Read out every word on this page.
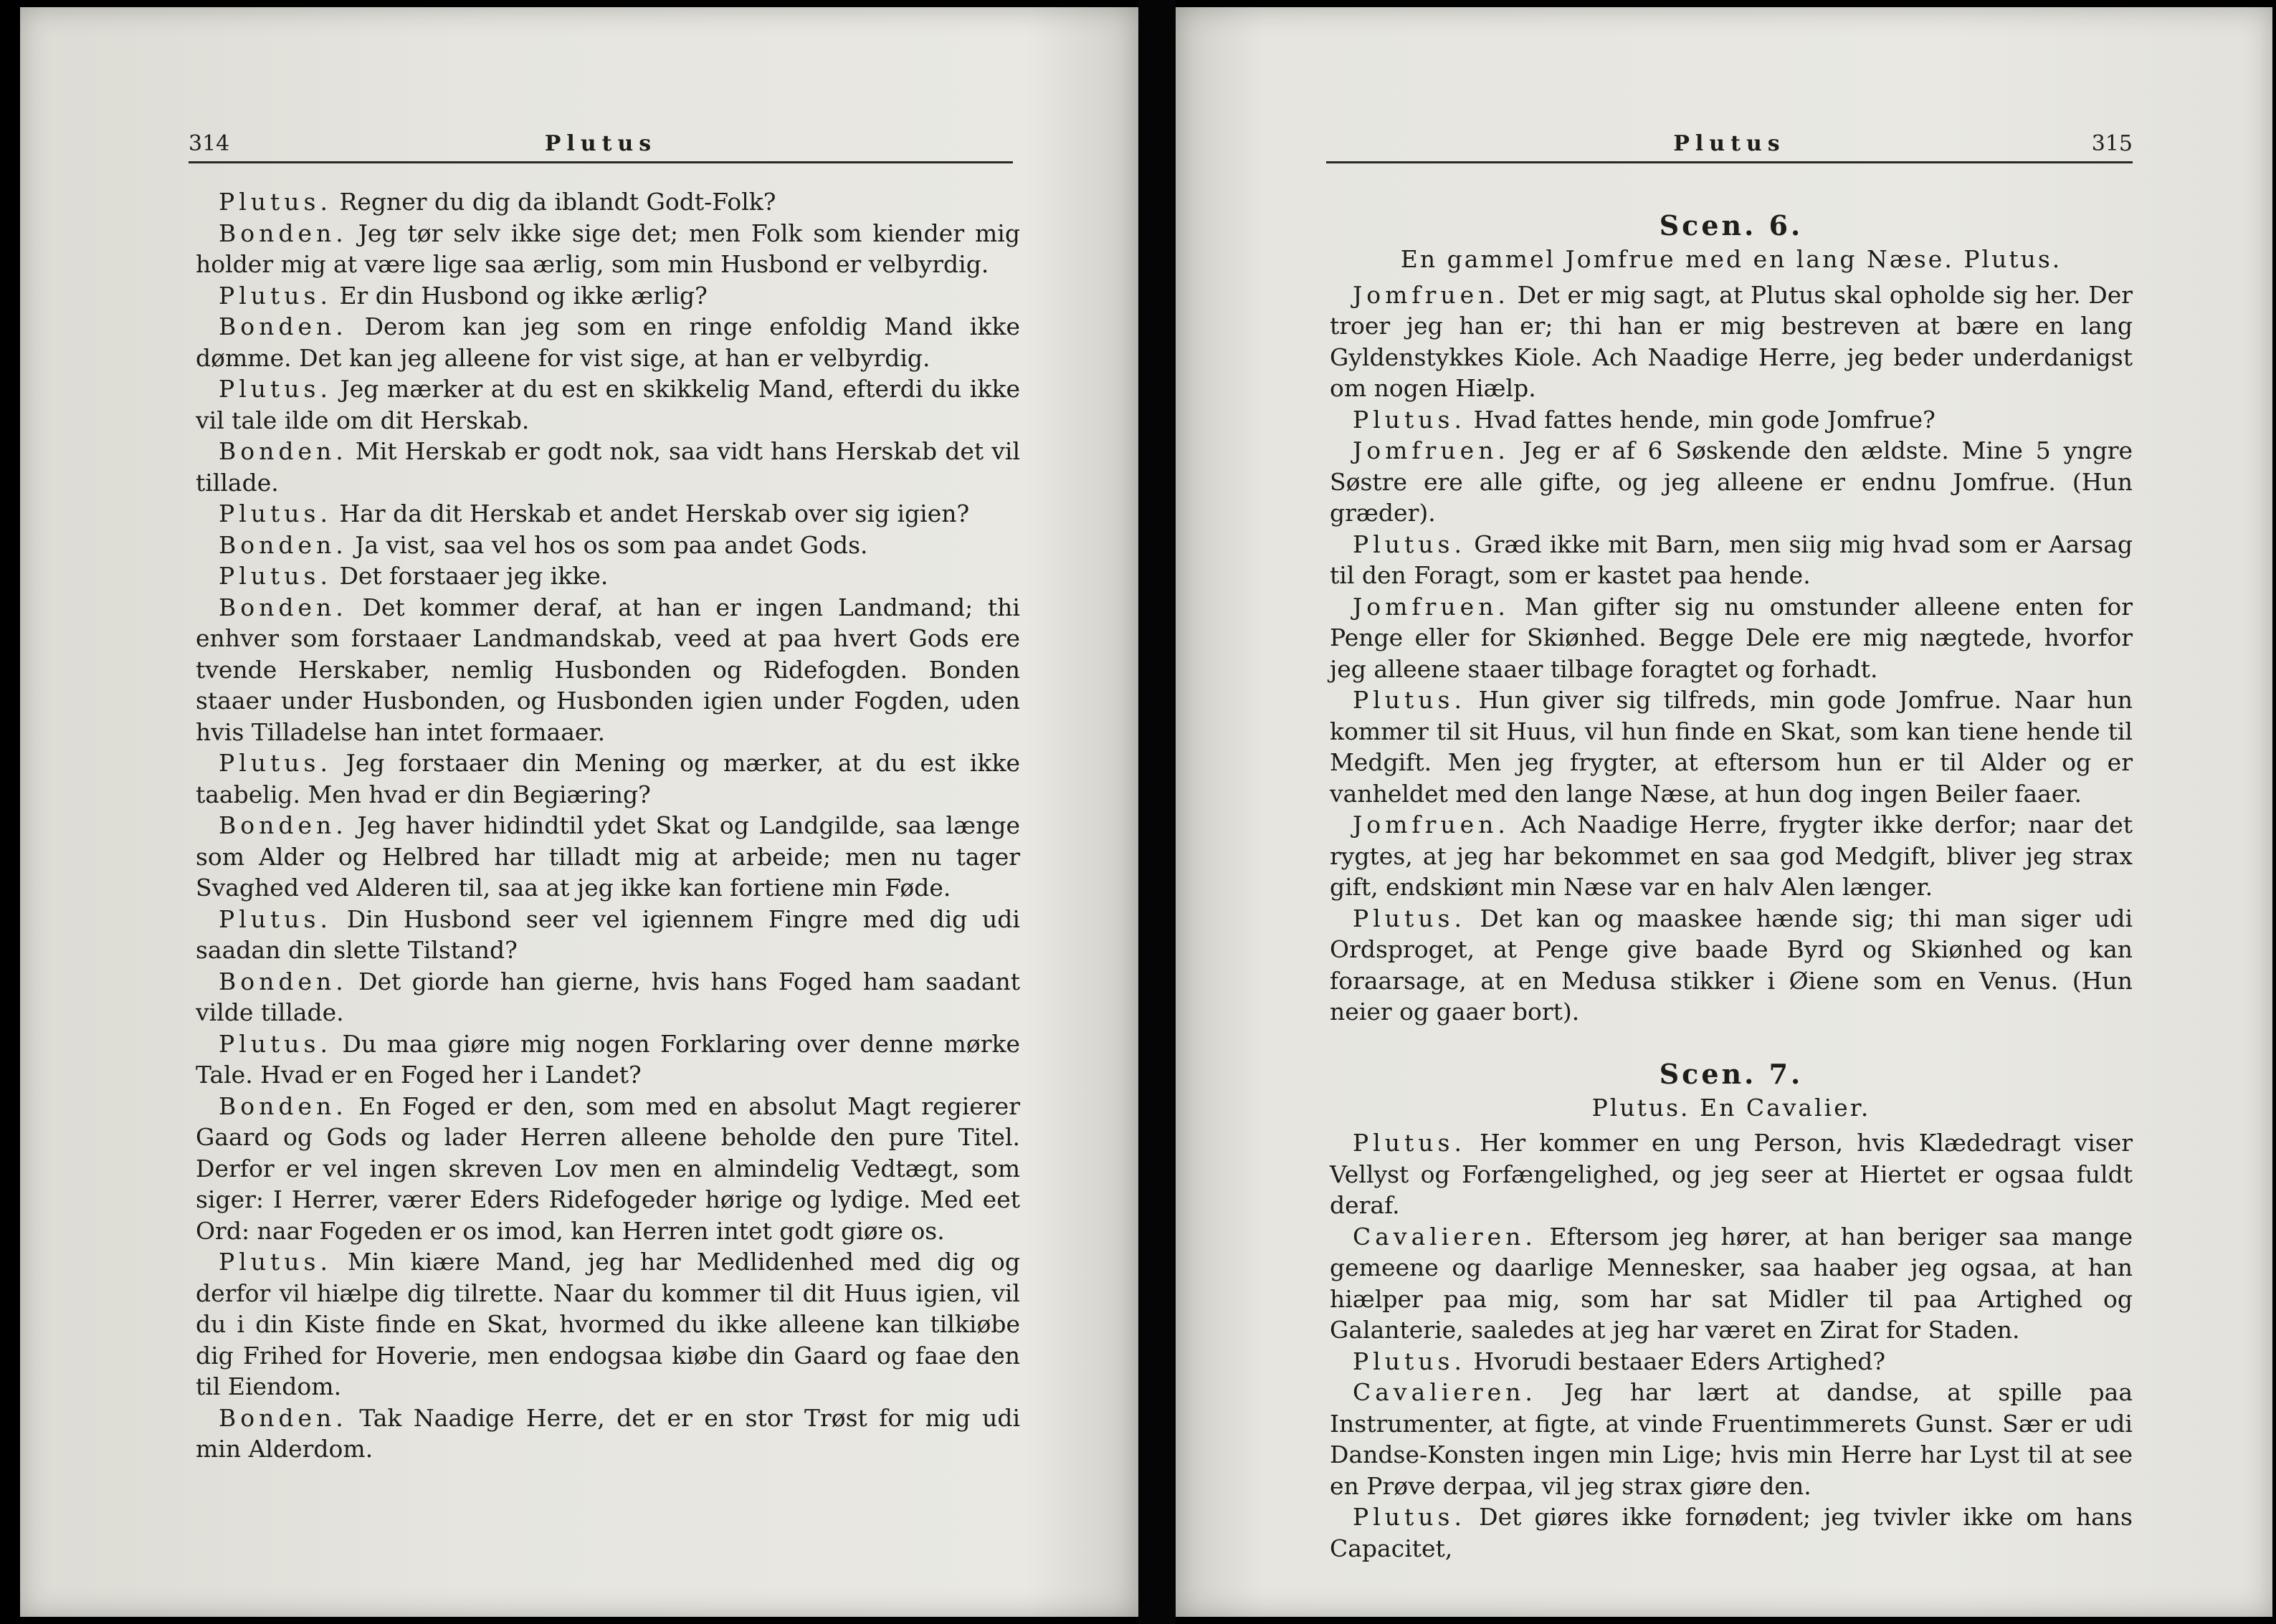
314	Plutus

Plutus. Regner du dig da iblandt Godt-Folk?

Bonden. Jeg tør selv ikke sige det; men Folk som kiender mig holder mig at være lige saa ærlig, som min Husbond er velbyrdig.

Plutus. Er din Husbond og ikke ærlig?

Bonden. Derom kan jeg som en ringe enfoldig Mand ikke dømme. Det kan jeg alleene for vist sige, at han er velbyrdig.

Plutus. Jeg mærker at du est en skikkelig Mand, efterdi du ikke vil tale ilde om dit Herskab.

Bonden. Mit Herskab er godt nok, saa vidt hans Herskab det vil tillade.

Plutus. Har da dit Herskab et andet Herskab over sig igien?

Bonden. Ja vist, saa vel hos os som paa andet Gods.

Plutus. Det forstaaer jeg ikke.

Bonden. Det kommer deraf, at han er ingen Landmand; thi enhver som forstaaer Landmandskab, veed at paa hvert Gods ere tvende Herskaber, nemlig Husbonden og Ridefogden. Bonden staaer under Husbonden, og Husbonden igien under Fogden, uden hvis Tilladelse han intet formaaer.

Plutus. Jeg forstaaer din Mening og mærker, at du est ikke taabelig. Men hvad er din Begiæring?

Bonden. Jeg haver hidindtil ydet Skat og Landgilde, saa længe som Alder og Helbred har tilladt mig at arbeide; men nu tager Svaghed ved Alderen til, saa at jeg ikke kan fortiene min Føde.

Plutus. Din Husbond seer vel igiennem Fingre med dig udi saadan din slette Tilstand?

Bonden. Det giorde han gierne, hvis hans Foged ham saadant vilde tillade.

Plutus. Du maa giøre mig nogen Forklaring over denne mørke Tale. Hvad er en Foged her i Landet?

Bonden. En Foged er den, som med en absolut Magt regierer Gaard og Gods og lader Herren alleene beholde den pure Titel. Derfor er vel ingen skreven Lov men en almindelig Vedtægt, som siger: I Herrer, værer Eders Ridefogeder hørige og lydige. Med eet Ord: naar Fogeden er os imod, kan Herren intet godt giøre os.

Plutus. Min kiære Mand, jeg har Medlidenhed med dig og derfor vil hiælpe dig tilrette. Naar du kommer til dit Huus igien, vil du i din Kiste finde en Skat, hvormed du ikke alleene kan tilkiøbe dig Frihed for Hoverie, men endogsaa kiøbe din Gaard og faae den til Eiendom.

Bonden. Tak Naadige Herre, det er en stor Trøst for mig udi min Alderdom.

Plutus	315

Scen. 6.

En gammel Jomfrue med en lang Næse. Plutus.

Jomfruen. Det er mig sagt, at Plutus skal opholde sig her. Der troer jeg han er; thi han er mig bestreven at bære en lang Gyldenstykkes Kiole. Ach Naadige Herre, jeg beder underdanigst om nogen Hiælp.

Plutus. Hvad fattes hende, min gode Jomfrue?

Jomfruen. Jeg er af 6 Søskende den ældste. Mine 5 yngre Søstre ere alle gifte, og jeg alleene er endnu Jomfrue. (Hun græder).

Plutus. Græd ikke mit Barn, men siig mig hvad som er Aarsag til den Foragt, som er kastet paa hende.

Jomfruen. Man gifter sig nu omstunder alleene enten for Penge eller for Skiønhed. Begge Dele ere mig nægtede, hvorfor jeg alleene staaer tilbage foragtet og forhadt.

Plutus. Hun giver sig tilfreds, min gode Jomfrue. Naar hun kommer til sit Huus, vil hun finde en Skat, som kan tiene hende til Medgift. Men jeg frygter, at eftersom hun er til Alder og er vanheldet med den lange Næse, at hun dog ingen Beiler faaer.

Jomfruen. Ach Naadige Herre, frygter ikke derfor; naar det rygtes, at jeg har bekommet en saa god Medgift, bliver jeg strax gift, endskiønt min Næse var en halv Alen længer.

Plutus. Det kan og maaskee hænde sig; thi man siger udi Ordsproget, at Penge give baade Byrd og Skiønhed og kan foraarsage, at en Medusa stikker i Øiene som en Venus. (Hun neier og gaaer bort).

Scen. 7.

Plutus. En Cavalier.

Plutus. Her kommer en ung Person, hvis Klædedragt viser Vellyst og Forfængelighed, og jeg seer at Hiertet er ogsaa fuldt deraf.

Cavalieren. Eftersom jeg hører, at han beriger saa mange gemeene og daarlige Mennesker, saa haaber jeg ogsaa, at han hiælper paa mig, som har sat Midler til paa Artighed og Galanterie, saaledes at jeg har været en Zirat for Staden.

Plutus. Hvorudi bestaaer Eders Artighed?

Cavalieren. Jeg har lært at dandse, at spille paa Instrumenter, at figte, at vinde Fruentimmerets Gunst. Sær er udi Dandse-Konsten ingen min Lige; hvis min Herre har Lyst til at see en Prøve derpaa, vil jeg strax giøre den.

Plutus. Det giøres ikke fornødent; jeg tvivler ikke om hans Capacitet,
